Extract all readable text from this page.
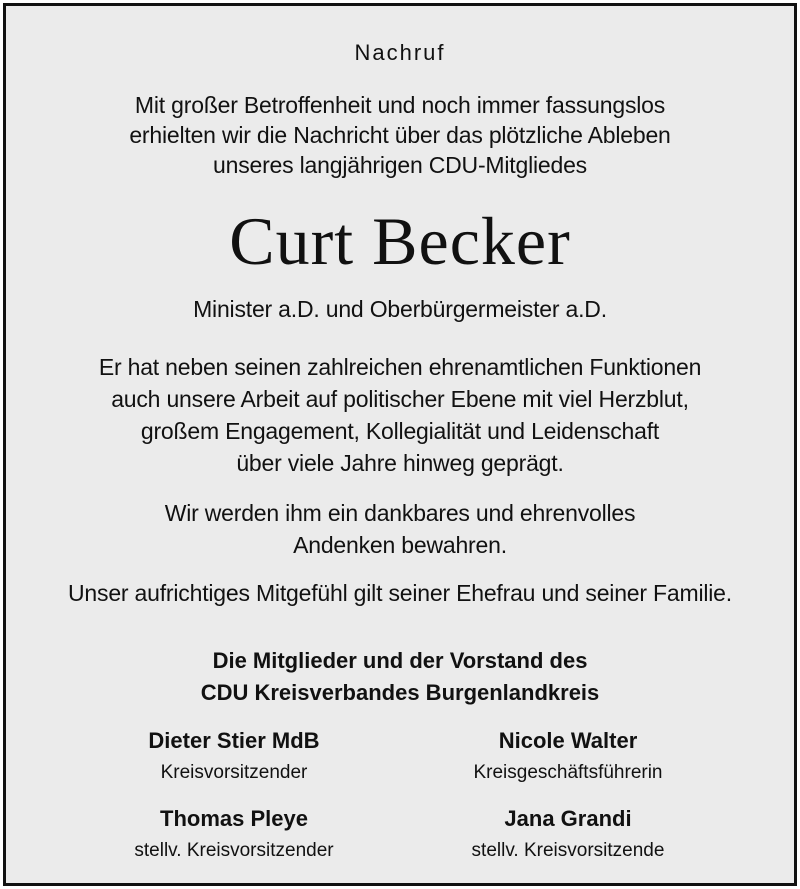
Nachruf
Mit großer Betroffenheit und noch immer fassungslos
erhielten wir die Nachricht über das plötzliche Ableben
unseres langjährigen CDU-Mitgliedes
Curt Becker
Minister a.D. und Oberbürgermeister a.D.
Er hat neben seinen zahlreichen ehrenamtlichen Funktionen
auch unsere Arbeit auf politischer Ebene mit viel Herzblut,
großem Engagement, Kollegialität und Leidenschaft
über viele Jahre hinweg geprägt.
Wir werden ihm ein dankbares und ehrenvolles
Andenken bewahren.
Unser aufrichtiges Mitgefühl gilt seiner Ehefrau und seiner Familie.
Die Mitglieder und der Vorstand des
CDU Kreisverbandes Burgenlandkreis
Dieter Stier MdB
Kreisvorsitzender
Nicole Walter
Kreisgeschäftsführerin
Thomas Pleye
stellv. Kreisvorsitzender
Jana Grandi
stellv. Kreisvorsitzende
